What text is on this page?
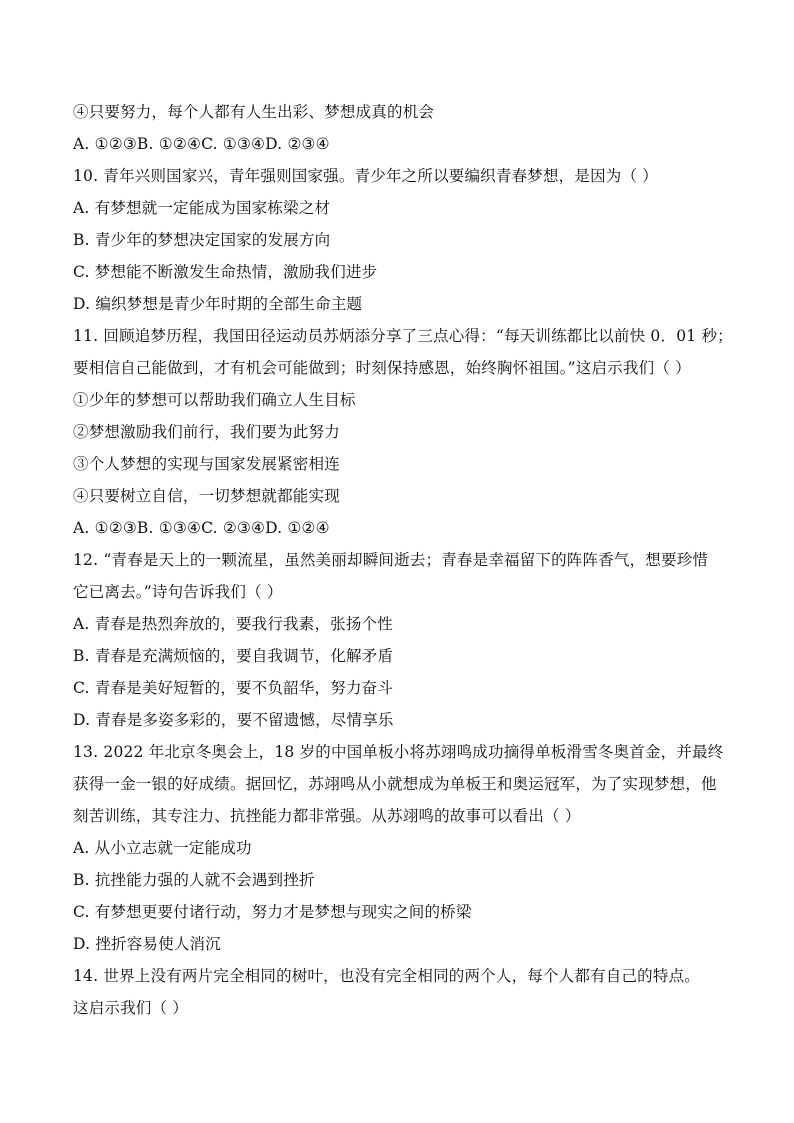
④只要努力，每个人都有人生出彩、梦想成真的机会
A. ①②③B. ①②④C. ①③④D. ②③④
10. 青年兴则国家兴，青年强则国家强。青少年之所以要编织青春梦想，是因为（ ）
A. 有梦想就一定能成为国家栋梁之材
B. 青少年的梦想决定国家的发展方向
C. 梦想能不断激发生命热情，激励我们进步
D. 编织梦想是青少年时期的全部生命主题
11. 回顾追梦历程，我国田径运动员苏炳添分享了三点心得：“每天训练都比以前快 0．01 秒；
要相信自己能做到，才有机会可能做到；时刻保持感恩，始终胸怀祖国。”这启示我们（ ）
①少年的梦想可以帮助我们确立人生目标
②梦想激励我们前行，我们要为此努力
③个人梦想的实现与国家发展紧密相连
④只要树立自信，一切梦想就都能实现
A. ①②③B. ①③④C. ②③④D. ①②④
12. “青春是天上的一颗流星，虽然美丽却瞬间逝去；青春是幸福留下的阵阵香气，想要珍惜
它已离去。”诗句告诉我们（ ）
A. 青春是热烈奔放的，要我行我素，张扬个性
B. 青春是充满烦恼的，要自我调节，化解矛盾
C. 青春是美好短暂的，要不负韶华，努力奋斗
D. 青春是多姿多彩的，要不留遗憾，尽情享乐
13. 2022 年北京冬奥会上，18 岁的中国单板小将苏翊鸣成功摘得单板滑雪冬奥首金，并最终
获得一金一银的好成绩。据回忆，苏翊鸣从小就想成为单板王和奥运冠军，为了实现梦想，他
刻苦训练，其专注力、抗挫能力都非常强。从苏翊鸣的故事可以看出（ ）
A. 从小立志就一定能成功
B. 抗挫能力强的人就不会遇到挫折
C. 有梦想更要付诸行动，努力才是梦想与现实之间的桥梁
D. 挫折容易使人消沉
14. 世界上没有两片完全相同的树叶，也没有完全相同的两个人，每个人都有自己的特点。
这启示我们（ ）
